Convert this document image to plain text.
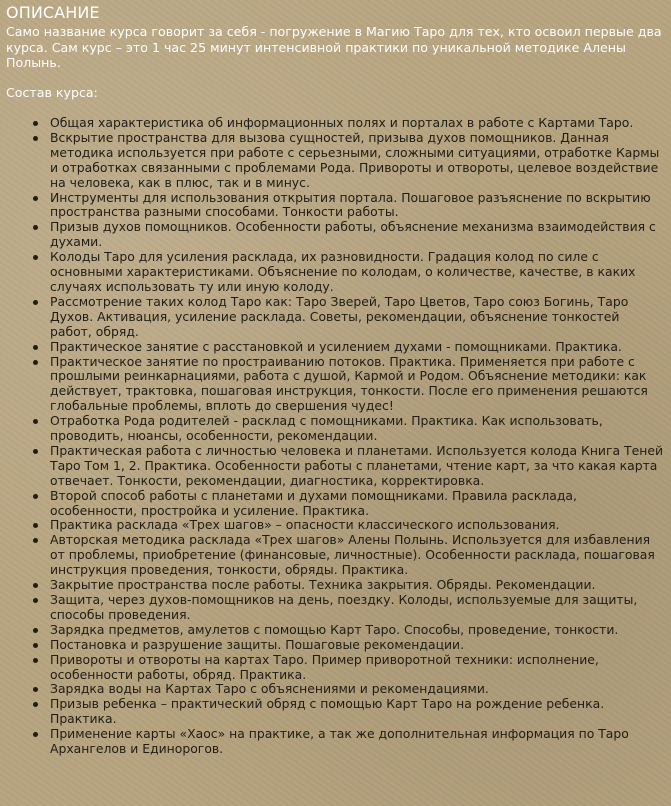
ОПИСАНИЕ

Само название курса говорит за себя - погружение в Магию Таро для тех, кто освоил первые два курса. Сам курс – это 1 час 25 минут интенсивной практики по уникальной методике Алены Полынь.

Состав курса:

Общая характеристика об информационных полях и порталах в работе с Картами Таро.
Вскрытие пространства для вызова сущностей, призыва духов помощников. Данная методика используется при работе с серьезными, сложными ситуациями, отработке Кармы и отработках связанными с проблемами Рода. Привороты и отвороты, целевое воздействие на человека, как в плюс, так и в минус.
Инструменты для использования открытия портала. Пошаговое разъяснение по вскрытию пространства разными способами. Тонкости работы.
Призыв духов помощников. Особенности работы, объяснение механизма взаимодействия с духами.
Колоды Таро для усиления расклада, их разновидности. Градация колод по силе с основными характеристиками. Объяснение по колодам, о количестве, качестве, в каких случаях использовать ту или иную колоду.
Рассмотрение таких колод Таро как: Таро Зверей, Таро Цветов, Таро союз Богинь, Таро Духов. Активация, усиление расклада. Советы, рекомендации, объяснение тонкостей работ, обряд.
Практическое занятие с расстановкой и усилением духами - помощниками. Практика.
Практическое занятие по прострaиванию потоков. Практика. Применяется при работе с прошлыми реинкарнациями, работа с душой, Кармой и Родом. Объяснение методики: как действует, трактовка, пошаговая инструкция, тонкости. После его применения решаются глобальные проблемы, вплоть до свершения чудес!
Отработка Рода родителей - расклад с помощниками. Практика. Как использовать, проводить, нюансы, особенности, рекомендации.
Практическая работа с личностью человека и планетами. Используется колода Книга Теней Таро Том 1, 2. Практика. Особенности работы с планетами, чтение карт, за что какая карта отвечает. Тонкости, рекомендации, диагностика, корректировка.
Второй способ работы с планетами и духами помощниками. Правила расклада, особенности, простройка и усиление. Практика.
Практика расклада «Трех шагов» – опасности классического использования.
Авторская методика расклада «Трех шагов» Алены Полынь. Используется для избавления от проблемы, приобретение (финансовые, личностные). Особенности расклада, пошаговая инструкция проведения, тонкости, обряды. Практика.
Закрытие пространства после работы. Техника закрытия. Обряды. Рекомендации.
Защита, через духов-помощников на день, поездку. Колоды, используемые для защиты, способы проведения.
Зарядка предметов, амулетов с помощью Карт Таро. Способы, проведение, тонкости.
Постановка и разрушение защиты. Пошаговые рекомендации.
Привороты и отвороты на картах Таро. Пример приворотной техники: исполнение, особенности работы, обряд. Практика.
Зарядка воды на Картах Таро с объяснениями и рекомендациями.
Призыв ребенка – практический обряд с помощью Карт Таро на рождение ребенка. Практика.
Применение карты «Хаос» на практике, а так же дополнительная информация по Таро Архангелов и Единорогов.
